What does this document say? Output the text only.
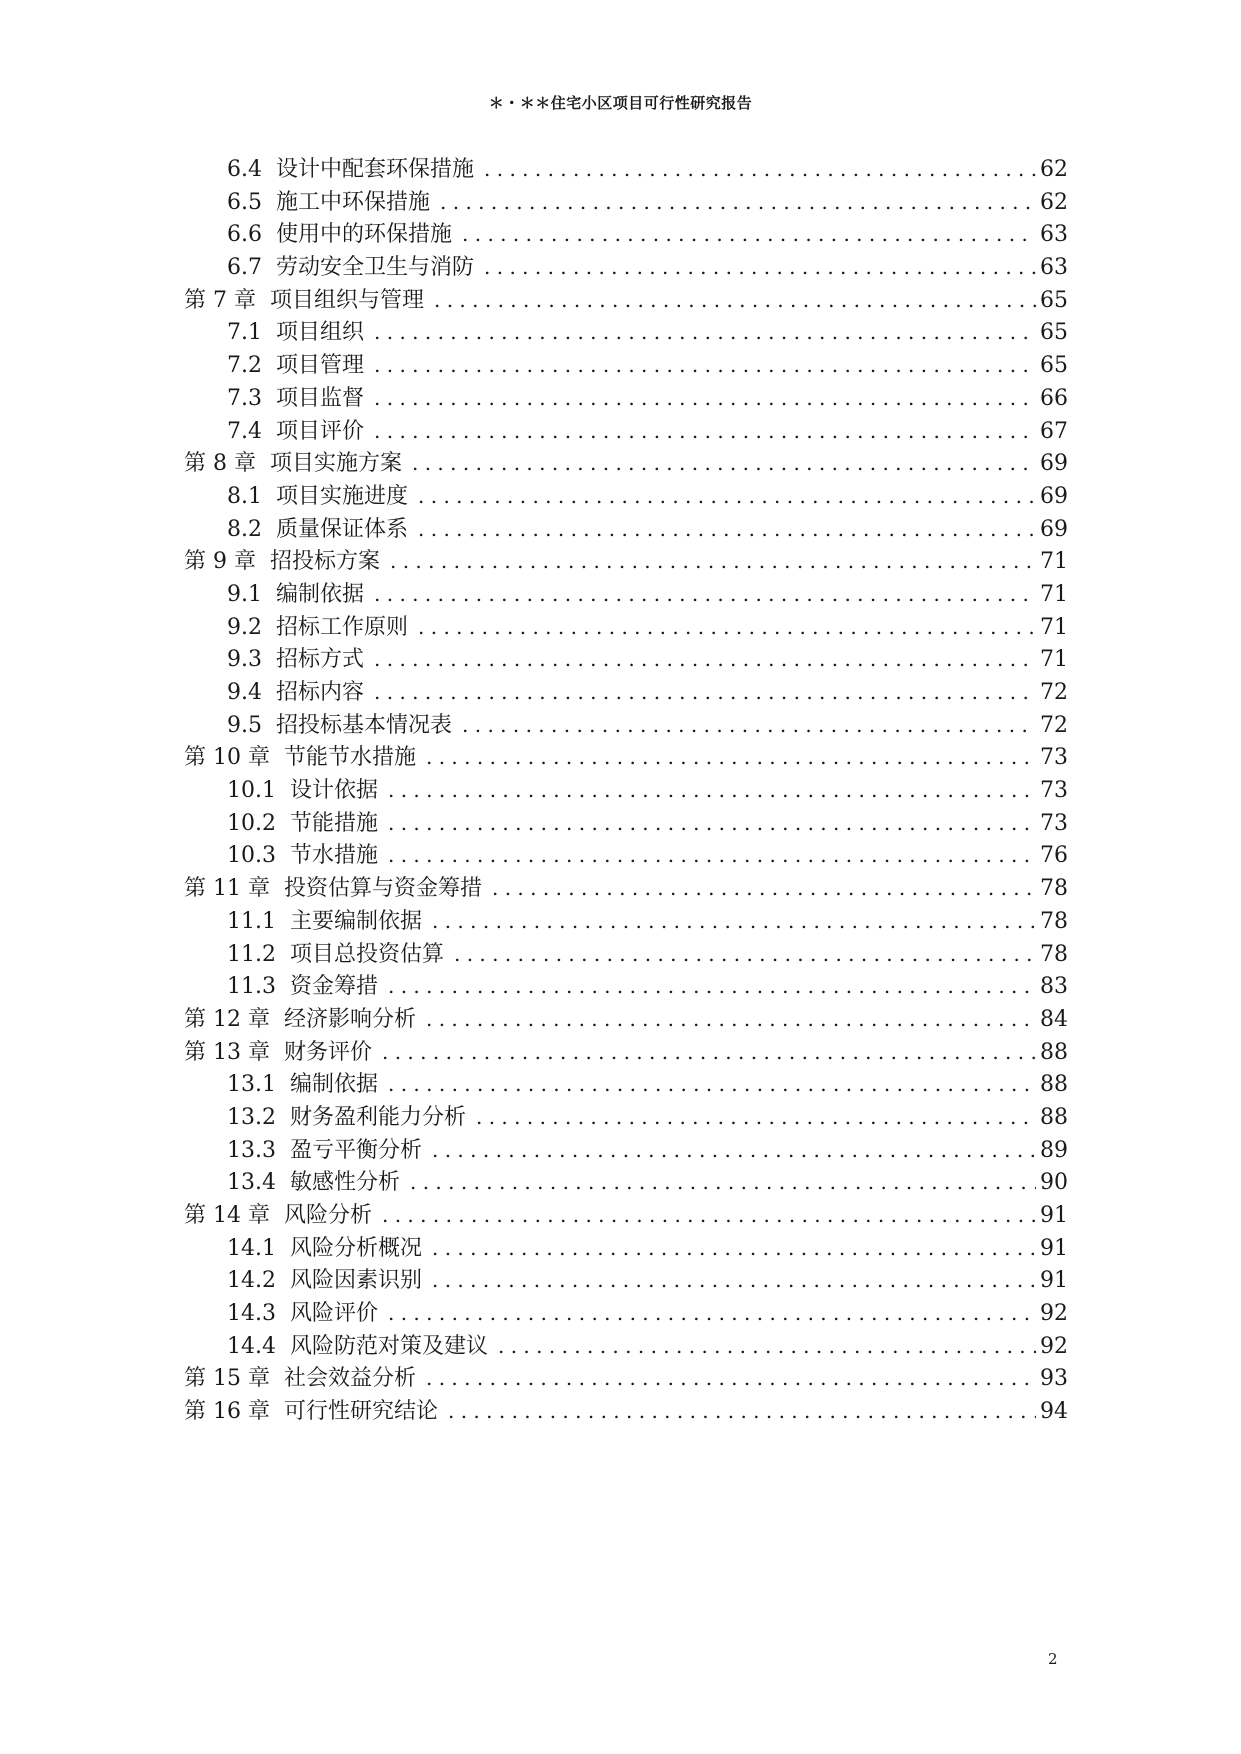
＊・＊＊住宅小区项目可行性研究报告
6.4 设计中配套环保措施 . . .	62
6.5 施工中环保措施 . . .	62
6.6 使用中的环保措施 . . .	63
6.7 劳动安全卫生与消防 . . .	63
第 7 章 项目组织与管理 . . .	65
7.1 项目组织 . . .	65
7.2 项目管理 . . .	65
7.3 项目监督 . . .	66
7.4 项目评价 . . .	67
第 8 章 项目实施方案 . . .	69
8.1 项目实施进度 . . .	69
8.2 质量保证体系 . . .	69
第 9 章 招投标方案 . . .	71
9.1 编制依据 . . .	71
9.2 招标工作原则 . . .	71
9.3 招标方式 . . .	71
9.4 招标内容 . . .	72
9.5 招投标基本情况表 . . .	72
第 10 章 节能节水措施 . . .	73
10.1 设计依据 . . .	73
10.2 节能措施 . . .	73
10.3 节水措施 . . .	76
第 11 章 投资估算与资金筹措 . . .	78
11.1 主要编制依据 . . .	78
11.2 项目总投资估算 . . .	78
11.3 资金筹措 . . .	83
第 12 章 经济影响分析 . . .	84
第 13 章 财务评价 . . .	88
13.1 编制依据 . . .	88
13.2 财务盈利能力分析 . . .	88
13.3 盈亏平衡分析 . . .	89
13.4 敏感性分析 . . .	90
第 14 章 风险分析 . . .	91
14.1 风险分析概况 . . .	91
14.2 风险因素识别 . . .	91
14.3 风险评价 . . .	92
14.4 风险防范对策及建议 . . .	92
第 15 章 社会效益分析 . . .	93
第 16 章 可行性研究结论 . . .	94
2
